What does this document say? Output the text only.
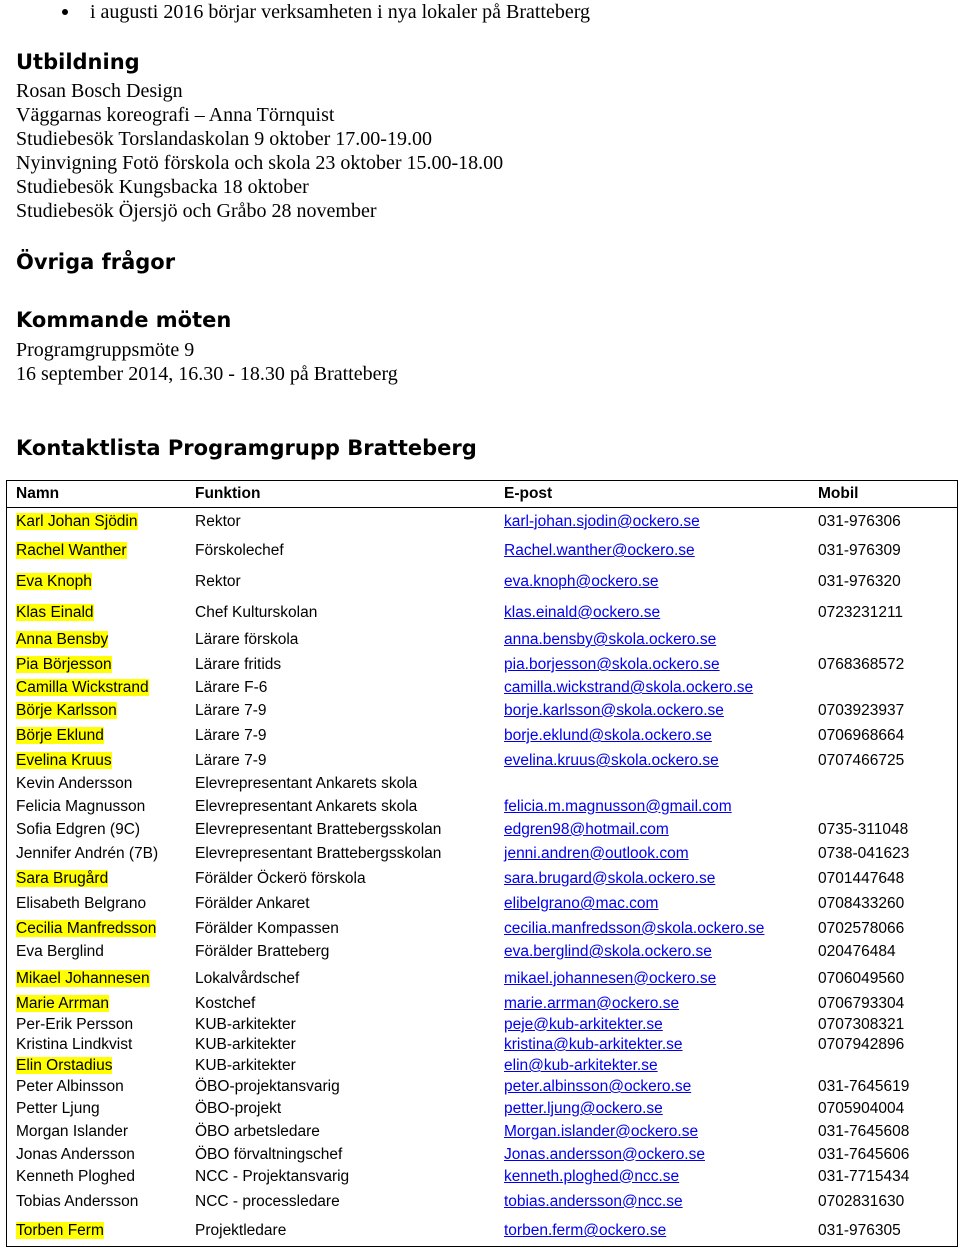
i augusti 2016 börjar verksamheten i nya lokaler på Bratteberg
Utbildning
Rosan Bosch Design
Väggarnas koreografi – Anna Törnquist
Studiebesök Torslandaskolan 9 oktober 17.00-19.00
Nyinvigning Fotö förskola och skola 23 oktober 15.00-18.00
Studiebesök Kungsbacka 18 oktober
Studiebesök Öjersjö och Gråbo 28 november
Övriga frågor
Kommande möten
Programgruppsmöte 9
16 september 2014, 16.30 - 18.30 på Bratteberg
Kontaktlista Programgrupp Bratteberg
Namn	Funktion	E-post	Mobil
Karl Johan Sjödin	Rektor	karl-johan.sjodin@ockero.se	031-976306
Rachel Wanther	Förskolechef	Rachel.wanther@ockero.se	031-976309
Eva Knoph	Rektor	eva.knoph@ockero.se	031-976320
Klas Einald	Chef Kulturskolan	klas.einald@ockero.se	0723231211
Anna Bensby	Lärare förskola	anna.bensby@skola.ockero.se	
Pia Börjesson	Lärare fritids	pia.borjesson@skola.ockero.se	0768368572
Camilla Wickstrand	Lärare F-6	camilla.wickstrand@skola.ockero.se	
Börje Karlsson	Lärare 7-9	borje.karlsson@skola.ockero.se	0703923937
Börje Eklund	Lärare 7-9	borje.eklund@skola.ockero.se	0706968664
Evelina Kruus	Lärare 7-9	evelina.kruus@skola.ockero.se	0707466725
Kevin Andersson	Elevrepresentant Ankarets skola		
Felicia Magnusson	Elevrepresentant Ankarets skola	felicia.m.magnusson@gmail.com	
Sofia Edgren (9C)	Elevrepresentant Brattebergsskolan	edgren98@hotmail.com	0735-311048
Jennifer Andrén (7B)	Elevrepresentant Brattebergsskolan	jenni.andren@outlook.com	0738-041623
Sara Brugård	Förälder Öckerö förskola	sara.brugard@skola.ockero.se	0701447648
Elisabeth Belgrano	Förälder Ankaret	elibelgrano@mac.com	0708433260
Cecilia Manfredsson	Förälder Kompassen	cecilia.manfredsson@skola.ockero.se	0702578066
Eva Berglind	Förälder Bratteberg	eva.berglind@skola.ockero.se	020476484
Mikael Johannesen	Lokalvårdschef	mikael.johannesen@ockero.se	0706049560
Marie Arrman	Kostchef	marie.arrman@ockero.se	0706793304
Per-Erik Persson	KUB-arkitekter	peje@kub-arkitekter.se	0707308321
Kristina Lindkvist	KUB-arkitekter	kristina@kub-arkitekter.se	0707942896
Elin Orstadius	KUB-arkitekter	elin@kub-arkitekter.se	
Peter Albinsson	ÖBO-projektansvarig	peter.albinsson@ockero.se	031-7645619
Petter Ljung	ÖBO-projekt	petter.ljung@ockero.se	0705904004
Morgan Islander	ÖBO arbetsledare	Morgan.islander@ockero.se	031-7645608
Jonas Andersson	ÖBO förvaltningschef	Jonas.andersson@ockero.se	031-7645606
Kenneth Ploghed	NCC - Projektansvarig	kenneth.ploghed@ncc.se	031-7715434
Tobias Andersson	NCC - processledare	tobias.andersson@ncc.se	0702831630
Torben Ferm	Projektledare	torben.ferm@ockero.se	031-976305
